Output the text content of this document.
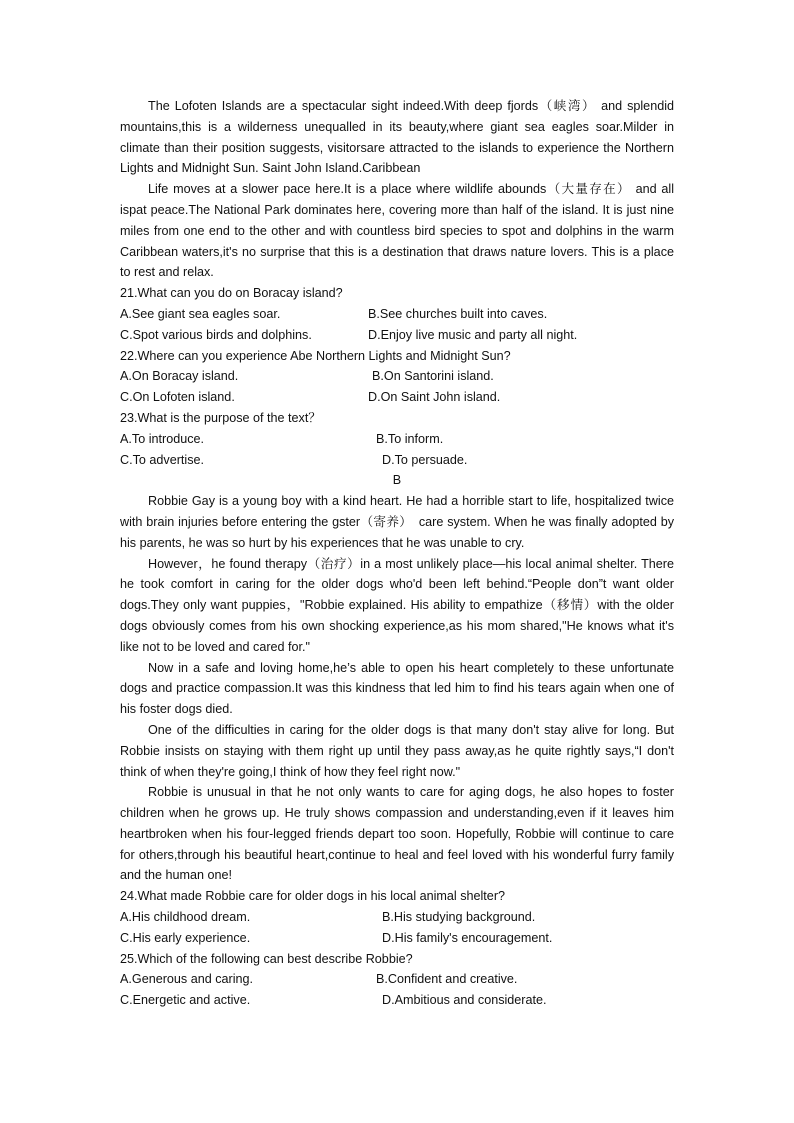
The Lofoten Islands are a spectacular sight indeed.With deep fjords（峡湾） and splendid mountains,this is a wilderness unequalled in its beauty,where giant sea eagles soar.Milder in climate than their position suggests, visitorsare attracted to the islands to experience the Northern Lights and Midnight Sun. Saint John Island.Caribbean

Life moves at a slower pace here.It is a place where wildlife abounds（大量存在） and all ispat peace.The National Park dominates here, covering more than half of the island. It is just nine miles from one end to the other and with countless bird species to spot and dolphins in the warm Caribbean waters,it's no surprise that this is a destination that draws nature lovers. This is a place to rest and relax.

21.What can you do on Boracay island?

A.See giant sea eagles soar.	B.See churches built into caves.
C.Spot various birds and dolphins.	D.Enjoy live music and party all night.

22.Where can you experience Abe Northern Lights and Midnight Sun?

A.On Boracay island.	B.On Santorini island.
C.On Lofoten island.	D.On Saint John island.

23.What is the purpose of the text？

A.To introduce.	B.To inform.
C.To advertise.	D.To persuade.

B

Robbie Gay is a young boy with a kind heart. He had a horrible start to life, hospitalized twice with brain injuries before entering the gster（寄养）　care system. When he was finally adopted by his parents, he was so hurt by his experiences that he was unable to cry.

However，he found therapy（治疗）in a most unlikely place—his local animal shelter. There he took comfort in caring for the older dogs who'd been left behind.“People don”t want older dogs.They only want puppies，"Robbie explained. His ability to empathize（移情）with the older dogs obviously comes from his own shocking experience,as his mom shared,"He knows what it's like not to be loved and cared for."

Now in a safe and loving home,he’s able to open his heart completely to these unfortunate dogs and practice compassion.It was this kindness that led him to find his tears again when one of his foster dogs died.

One of the difficulties in caring for the older dogs is that many don't stay alive for long. But Robbie insists on staying with them right up until they pass away,as he quite rightly says,“I don't think of when they're going,I think of how they feel right now."

Robbie is unusual in that he not only wants to care for aging dogs, he also hopes to foster children when he grows up. He truly shows compassion and understanding,even if it leaves him heartbroken when his four-legged friends depart too soon. Hopefully, Robbie will continue to care for others,through his beautiful heart,continue to heal and feel loved with his wonderful furry family and the human one!

24.What made Robbie care for older dogs in his local animal shelter?

A.His childhood dream.	B.His studying background.
C.His early experience.	D.His family's encouragement.

25.Which of the following can best describe Robbie?

A.Generous and caring.	B.Confident and creative.
C.Energetic and active.	D.Ambitious and considerate.
